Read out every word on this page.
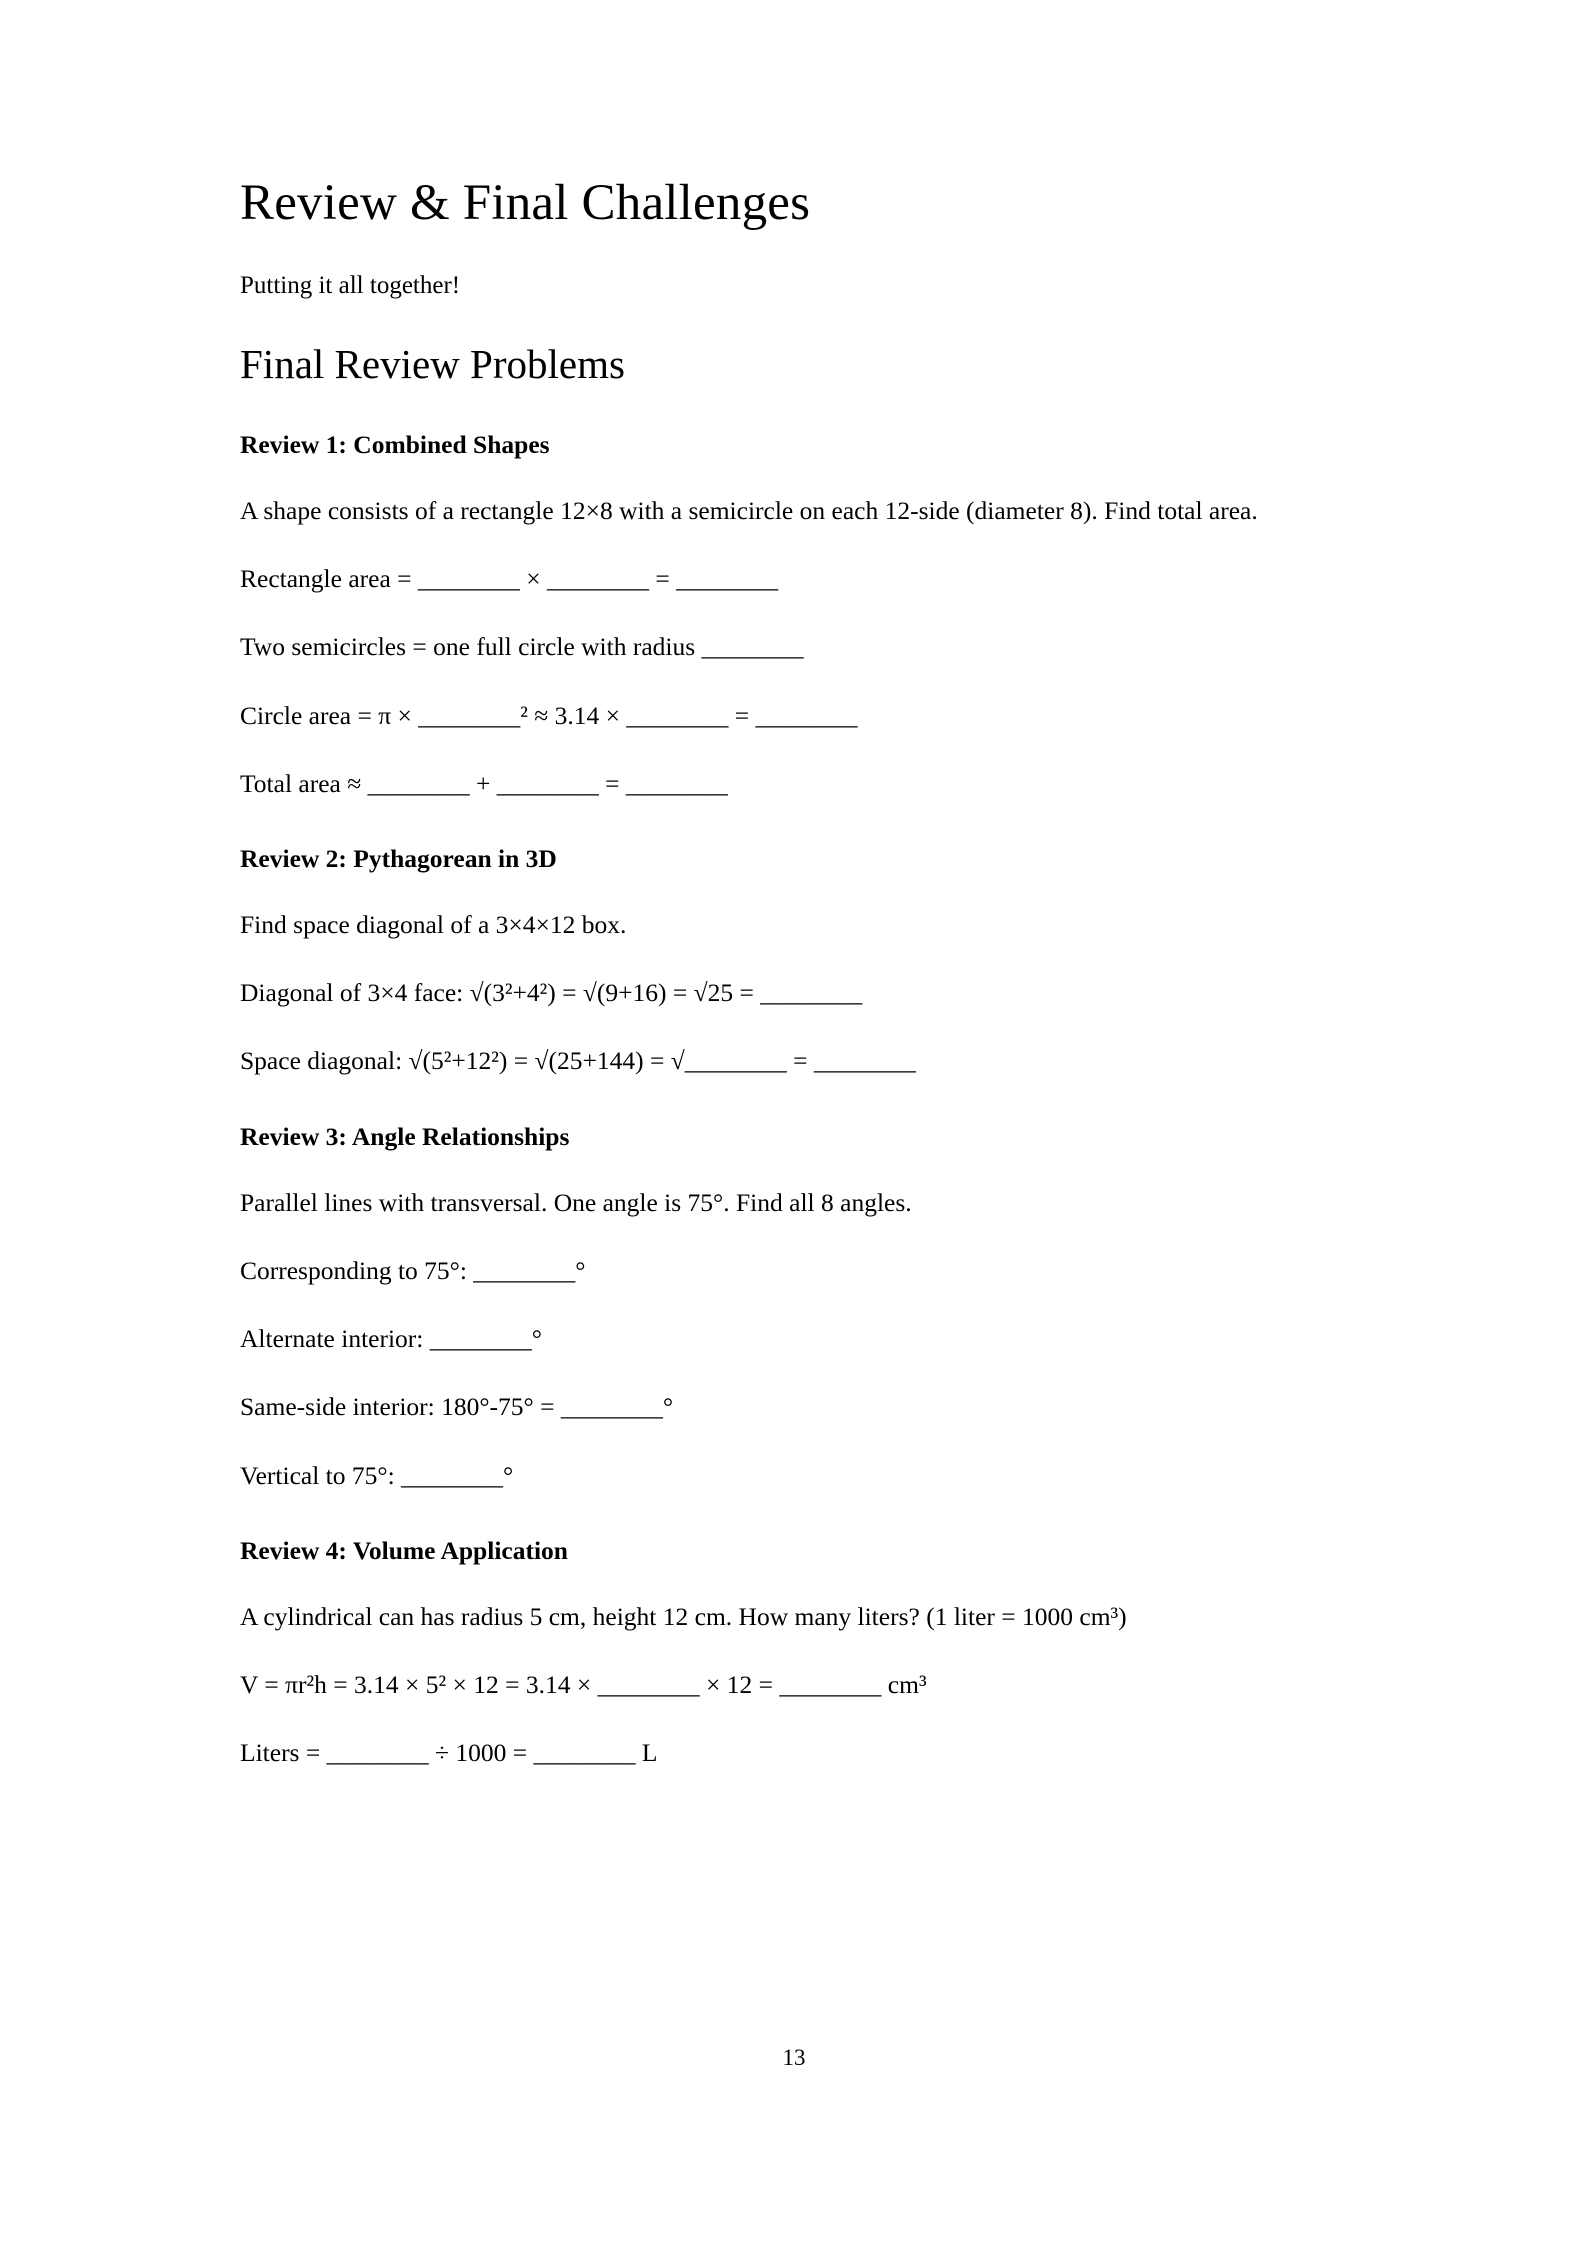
Review & Final Challenges

Putting it all together!

Final Review Problems
Review 1: Combined Shapes

A shape consists of a rectangle 12×8 with a semicircle on each 12-side (diameter 8). Find total area.

Rectangle area = ________ × ________ = ________

Two semicircles = one full circle with radius ________

Circle area = π × ________² ≈ 3.14 × ________ = ________

Total area ≈ ________ + ________ = ________

Review 2: Pythagorean in 3D

Find space diagonal of a 3×4×12 box.

Diagonal of 3×4 face: √(3²+4²) = √(9+16) = √25 = ________

Space diagonal: √(5²+12²) = √(25+144) = √________ = ________

Review 3: Angle Relationships

Parallel lines with transversal. One angle is 75°. Find all 8 angles.

Corresponding to 75°: ________°

Alternate interior: ________°

Same-side interior: 180°-75° = ________°

Vertical to 75°: ________°

Review 4: Volume Application

A cylindrical can has radius 5 cm, height 12 cm. How many liters? (1 liter = 1000 cm³)

V = πr²h = 3.14 × 5² × 12 = 3.14 × ________ × 12 = ________ cm³

Liters = ________ ÷ 1000 = ________ L

13
